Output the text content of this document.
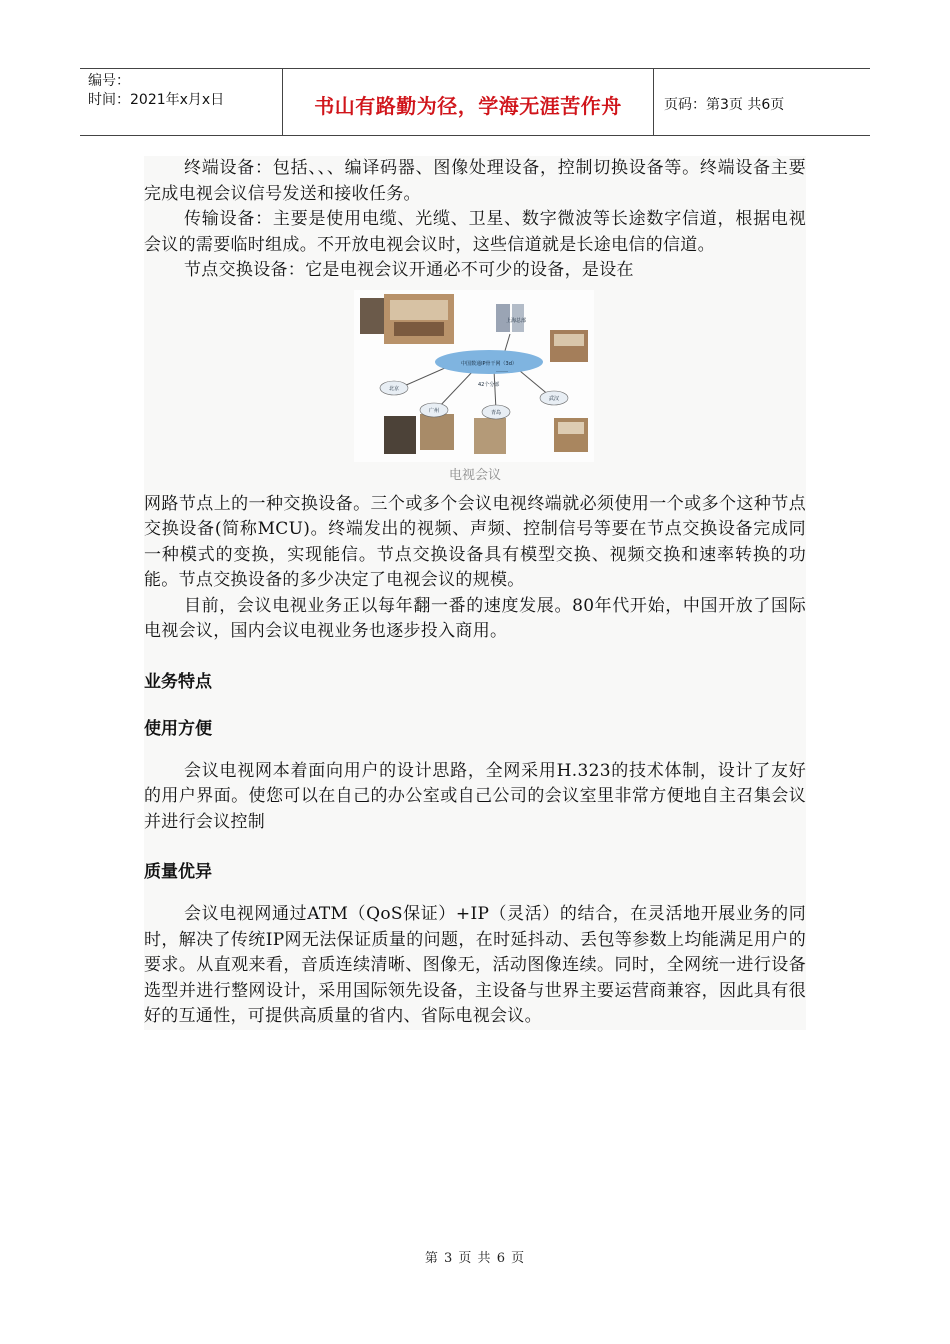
编号：
时间：2021年x月x日	书山有路勤为径，学海无涯苦作舟	页码：第3页 共6页

终端设备：包括、、、编译码器、图像处理设备，控制切换设备等。终端设备主要完成电视会议信号发送和接收任务。

传输设备：主要是使用电缆、光缆、卫星、数字微波等长途数字信道，根据电视会议的需要临时组成。不开放电视会议时，这些信道就是长途电信的信道。

节点交换设备：它是电视会议开通必不可少的设备，是设在

中国数通IP骨干网（3d）
上海总部
42个分部
……
北京
广州	青岛
武汉
电视会议

网路节点上的一种交换设备。三个或多个会议电视终端就必须使用一个或多个这种节点交换设备(简称MCU)。终端发出的视频、声频、控制信号等要在节点交换设备完成同一种模式的变换，实现能信。节点交换设备具有模型交换、视频交换和速率转换的功能。节点交换设备的多少决定了电视会议的规模。

目前，会议电视业务正以每年翻一番的速度发展。80年代开始，中国开放了国际电视会议，国内会议电视业务也逐步投入商用。

业务特点

使用方便

会议电视网本着面向用户的设计思路，全网采用H.323的技术体制，设计了友好的用户界面。使您可以在自己的办公室或自己公司的会议室里非常方便地自主召集会议并进行会议控制

质量优异

会议电视网通过ATM（QoS保证）+IP（灵活）的结合，在灵活地开展业务的同时，解决了传统IP网无法保证质量的问题，在时延抖动、丢包等参数上均能满足用户的要求。从直观来看，音质连续清晰、图像无，活动图像连续。同时，全网统一进行设备选型并进行整网设计，采用国际领先设备，主设备与世界主要运营商兼容，因此具有很好的互通性，可提供高质量的省内、省际电视会议。

第 3 页 共 6 页
